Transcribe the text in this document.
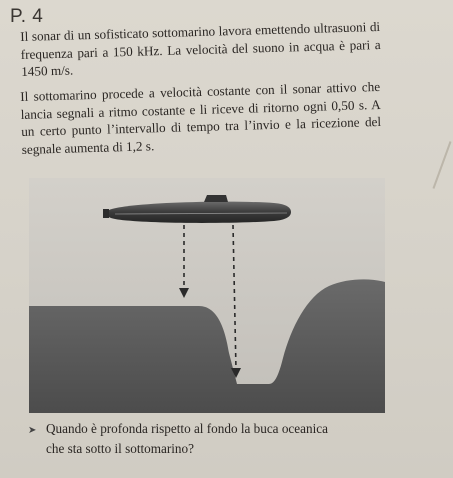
P. 4

Il sonar di un sofisticato sottomarino lavora emettendo ultrasuoni di frequenza pari a 150 kHz. La velocità del suono in acqua è pari a 1450 m/s.

Il sottomarino procede a velocità costante con il sonar attivo che lancia segnali a ritmo costante e li riceve di ritorno ogni 0,50 s. A un certo punto l’intervallo di tempo tra l’invio e la ricezione del segnale aumenta di 1,2 s.

➤ Quando è profonda rispetto al fondo la buca oceanica
che sta sotto il sottomarino?
